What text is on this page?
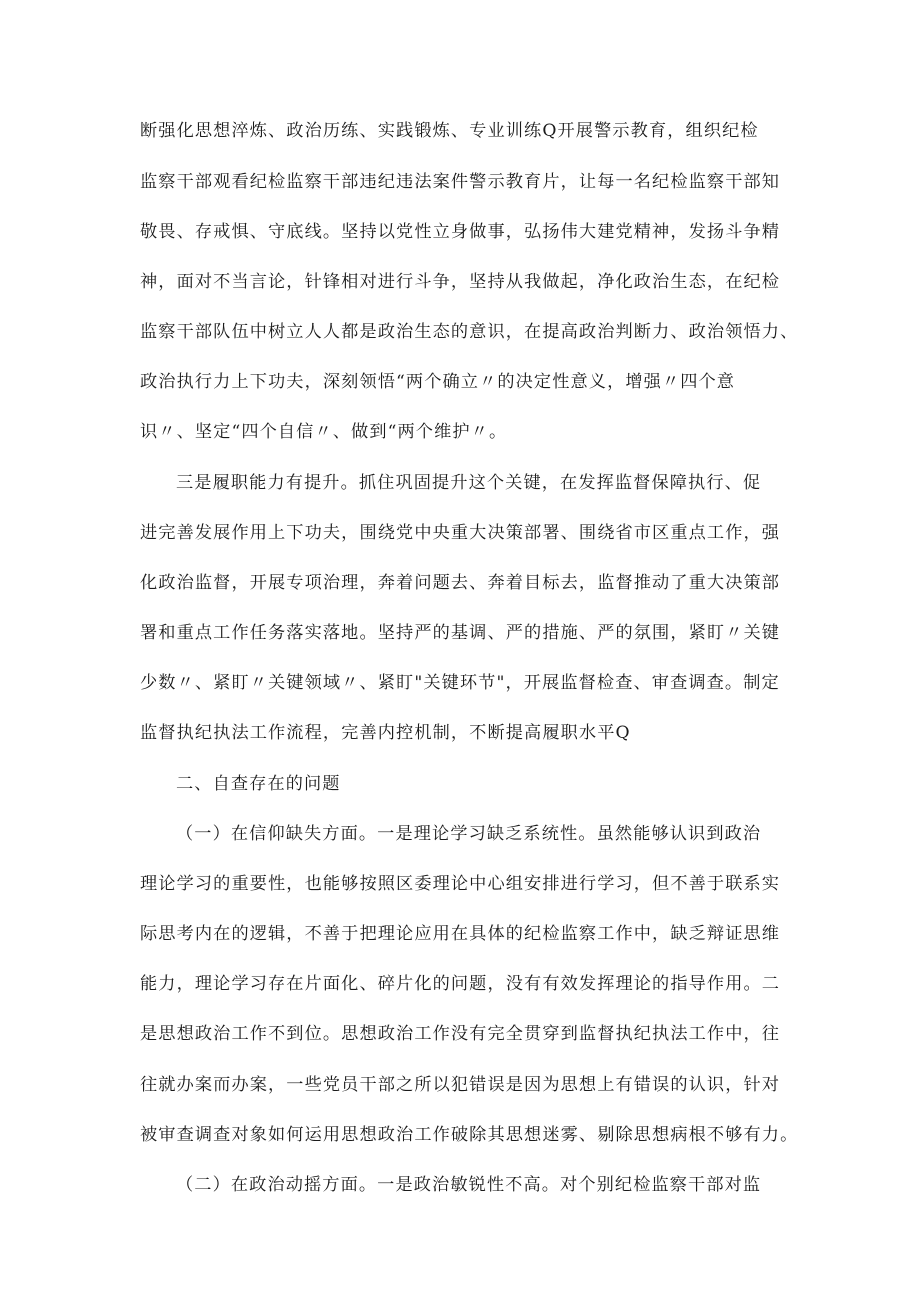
断强化思想淬炼、政治历练、实践锻炼、专业训练Q开展警示教育，组织纪检
监察干部观看纪检监察干部违纪违法案件警示教育片，让每一名纪检监察干部知
敬畏、存戒惧、守底线。坚持以党性立身做事，弘扬伟大建党精神，发扬斗争精
神，面对不当言论，针锋相对进行斗争，坚持从我做起，净化政治生态，在纪检
监察干部队伍中树立人人都是政治生态的意识，在提高政治判断力、政治领悟力、
政治执行力上下功夫，深刻领悟“两个确立〃的决定性意义，增强〃四个意
识〃、坚定“四个自信〃、做到“两个维护〃。
三是履职能力有提升。抓住巩固提升这个关键，在发挥监督保障执行、促
进完善发展作用上下功夫，围绕党中央重大决策部署、围绕省市区重点工作，强
化政治监督，开展专项治理，奔着问题去、奔着目标去，监督推动了重大决策部
署和重点工作任务落实落地。坚持严的基调、严的措施、严的氛围，紧盯〃关键
少数〃、紧盯〃关键领域〃、紧盯"关键环节"，开展监督检查、审查调查。制定
监督执纪执法工作流程，完善内控机制，不断提高履职水平Q
二、自查存在的问题
（一）在信仰缺失方面。一是理论学习缺乏系统性。虽然能够认识到政治
理论学习的重要性，也能够按照区委理论中心组安排进行学习，但不善于联系实
际思考内在的逻辑，不善于把理论应用在具体的纪检监察工作中，缺乏辩证思维
能力，理论学习存在片面化、碎片化的问题，没有有效发挥理论的指导作用。二
是思想政治工作不到位。思想政治工作没有完全贯穿到监督执纪执法工作中，往
往就办案而办案，一些党员干部之所以犯错误是因为思想上有错误的认识，针对
被审查调查对象如何运用思想政治工作破除其思想迷雾、剔除思想病根不够有力。
（二）在政治动摇方面。一是政治敏锐性不高。对个别纪检监察干部对监
